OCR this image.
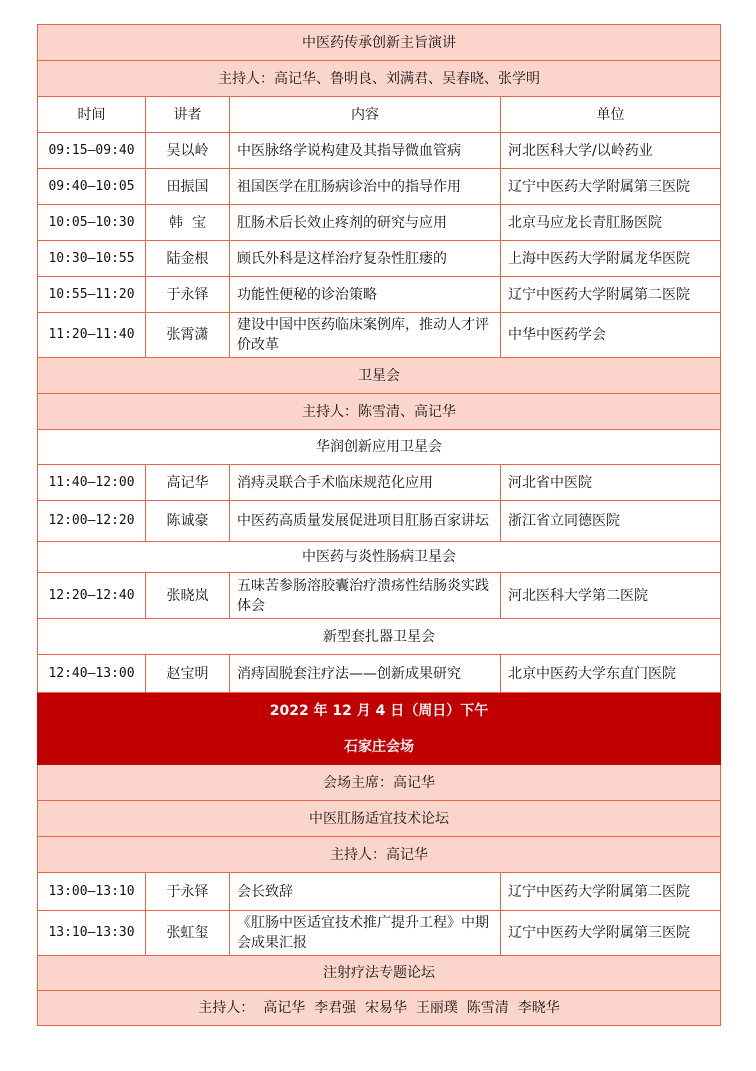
中医药传承创新主旨演讲			
主持人：高记华、鲁明良、刘满君、吴春晓、张学明			
时间	讲者	内容	单位
09:15—09:40	吴以岭	中医脉络学说构建及其指导微血管病	河北医科大学/以岭药业
09:40—10:05	田振国	祖国医学在肛肠病诊治中的指导作用	辽宁中医药大学附属第三医院
10:05—10:30	韩  宝	肛肠术后长效止疼剂的研究与应用	北京马应龙长青肛肠医院
10:30—10:55	陆金根	顾氏外科是这样治疗复杂性肛瘘的	上海中医药大学附属龙华医院
10:55—11:20	于永铎	功能性便秘的诊治策略	辽宁中医药大学附属第二医院
11:20—11:40	张霄潇	建设中国中医药临床案例库，推动人才评价改革	中华中医药学会
卫星会			
主持人：陈雪清、高记华			
华润创新应用卫星会			
11:40—12:00	高记华	消痔灵联合手术临床规范化应用	河北省中医院
12:00—12:20	陈诚豪	中医药高质量发展促进项目肛肠百家讲坛	浙江省立同德医院
中医药与炎性肠病卫星会			
12:20—12:40	张晓岚	五味苦参肠溶胶囊治疗溃疡性结肠炎实践体会	河北医科大学第二医院
新型套扎器卫星会			
12:40—13:00	赵宝明	消痔固脱套注疗法——创新成果研究	北京中医药大学东直门医院
2022 年 12 月 4 日（周日）下午			
石家庄会场			
会场主席：高记华			
中医肛肠适宜技术论坛			
主持人：高记华			
13:00—13:10	于永铎	会长致辞	辽宁中医药大学附属第二医院
13:10—13:30	张虹玺	《肛肠中医适宜技术推广提升工程》中期会成果汇报	辽宁中医药大学附属第三医院
注射疗法专题论坛			
主持人：  高记华  李君强  宋易华  王丽璞  陈雪清  李晓华			
